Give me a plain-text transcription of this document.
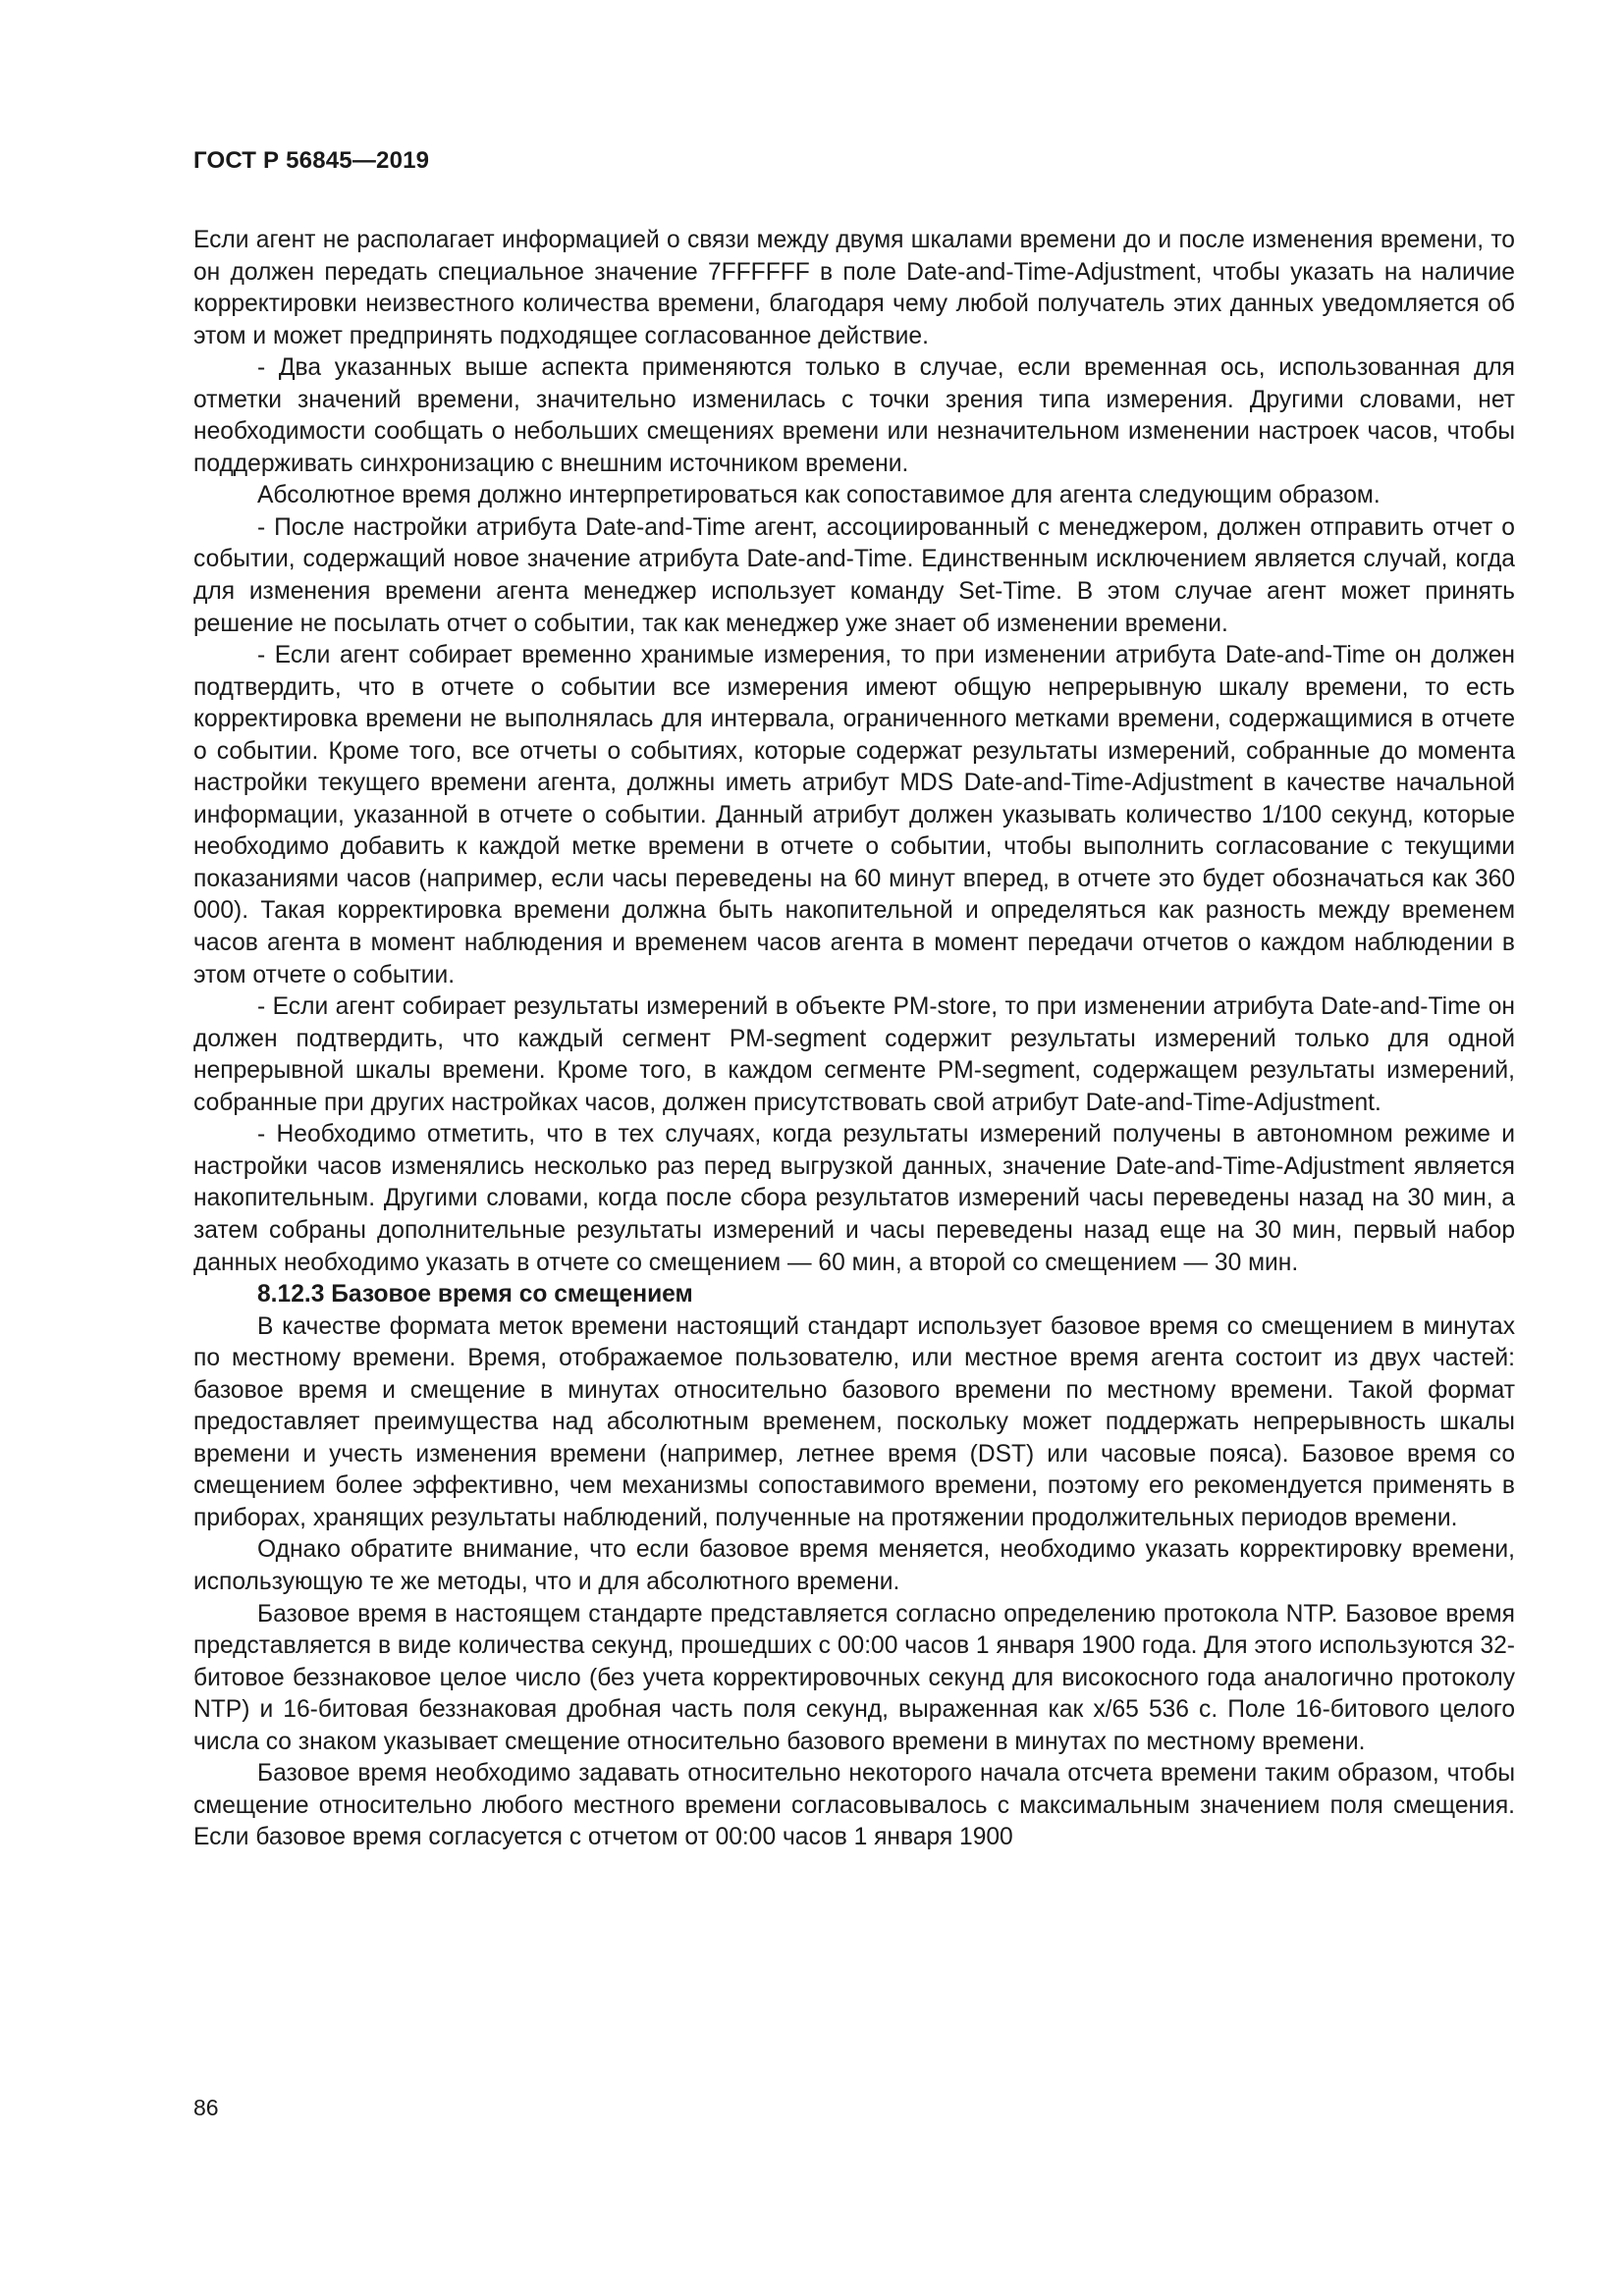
ГОСТ Р 56845—2019

Если агент не располагает информацией о связи между двумя шкалами времени до и после изменения времени, то он должен передать специальное значение 7FFFFFF в поле Date-and-Time-Adjustment, чтобы указать на наличие корректировки неизвестного количества времени, благодаря чему любой получатель этих данных уведомляется об этом и может предпринять подходящее согласованное действие.

- Два указанных выше аспекта применяются только в случае, если временная ось, использованная для отметки значений времени, значительно изменилась с точки зрения типа измерения. Другими словами, нет необходимости сообщать о небольших смещениях времени или незначительном изменении настроек часов, чтобы поддерживать синхронизацию с внешним источником времени.

Абсолютное время должно интерпретироваться как сопоставимое для агента следующим образом.

- После настройки атрибута Date-and-Time агент, ассоциированный с менеджером, должен отправить отчет о событии, содержащий новое значение атрибута Date-and-Time. Единственным исключением является случай, когда для изменения времени агента менеджер использует команду Set-Time. В этом случае агент может принять решение не посылать отчет о событии, так как менеджер уже знает об изменении времени.

- Если агент собирает временно хранимые измерения, то при изменении атрибута Date-and-Time он должен подтвердить, что в отчете о событии все измерения имеют общую непрерывную шкалу времени, то есть корректировка времени не выполнялась для интервала, ограниченного метками времени, содержащимися в отчете о событии. Кроме того, все отчеты о событиях, которые содержат результаты измерений, собранные до момента настройки текущего времени агента, должны иметь атрибут MDS Date-and-Time-Adjustment в качестве начальной информации, указанной в отчете о событии. Данный атрибут должен указывать количество 1/100 секунд, которые необходимо добавить к каждой метке времени в отчете о событии, чтобы выполнить согласование с текущими показаниями часов (например, если часы переведены на 60 минут вперед, в отчете это будет обозначаться как 360 000). Такая корректировка времени должна быть накопительной и определяться как разность между временем часов агента в момент наблюдения и временем часов агента в момент передачи отчетов о каждом наблюдении в этом отчете о событии.

- Если агент собирает результаты измерений в объекте PM-store, то при изменении атрибута Date-and-Time он должен подтвердить, что каждый сегмент PM-segment содержит результаты измерений только для одной непрерывной шкалы времени. Кроме того, в каждом сегменте PM-segment, содержащем результаты измерений, собранные при других настройках часов, должен присутствовать свой атрибут Date-and-Time-Adjustment.

- Необходимо отметить, что в тех случаях, когда результаты измерений получены в автономном режиме и настройки часов изменялись несколько раз перед выгрузкой данных, значение Date-and-Time-Adjustment является накопительным. Другими словами, когда после сбора результатов измерений часы переведены назад на 30 мин, а затем собраны дополнительные результаты измерений и часы переведены назад еще на 30 мин, первый набор данных необходимо указать в отчете со смещением — 60 мин, а второй со смещением — 30 мин.

8.12.3 Базовое время со смещением

В качестве формата меток времени настоящий стандарт использует базовое время со смещением в минутах по местному времени. Время, отображаемое пользователю, или местное время агента состоит из двух частей: базовое время и смещение в минутах относительно базового времени по местному времени. Такой формат предоставляет преимущества над абсолютным временем, поскольку может поддержать непрерывность шкалы времени и учесть изменения времени (например, летнее время (DST) или часовые пояса). Базовое время со смещением более эффективно, чем механизмы сопоставимого времени, поэтому его рекомендуется применять в приборах, хранящих результаты наблюдений, полученные на протяжении продолжительных периодов времени.

Однако обратите внимание, что если базовое время меняется, необходимо указать корректировку времени, использующую те же методы, что и для абсолютного времени.

Базовое время в настоящем стандарте представляется согласно определению протокола NTP. Базовое время представляется в виде количества секунд, прошедших с 00:00 часов 1 января 1900 года. Для этого используются 32-битовое беззнаковое целое число (без учета корректировочных секунд для високосного года аналогично протоколу NTP) и 16-битовая беззнаковая дробная часть поля секунд, выраженная как x/65 536 с. Поле 16-битового целого числа со знаком указывает смещение относительно базового времени в минутах по местному времени.

Базовое время необходимо задавать относительно некоторого начала отсчета времени таким образом, чтобы смещение относительно любого местного времени согласовывалось с максимальным значением поля смещения. Если базовое время согласуется с отчетом от 00:00 часов 1 января 1900

86
